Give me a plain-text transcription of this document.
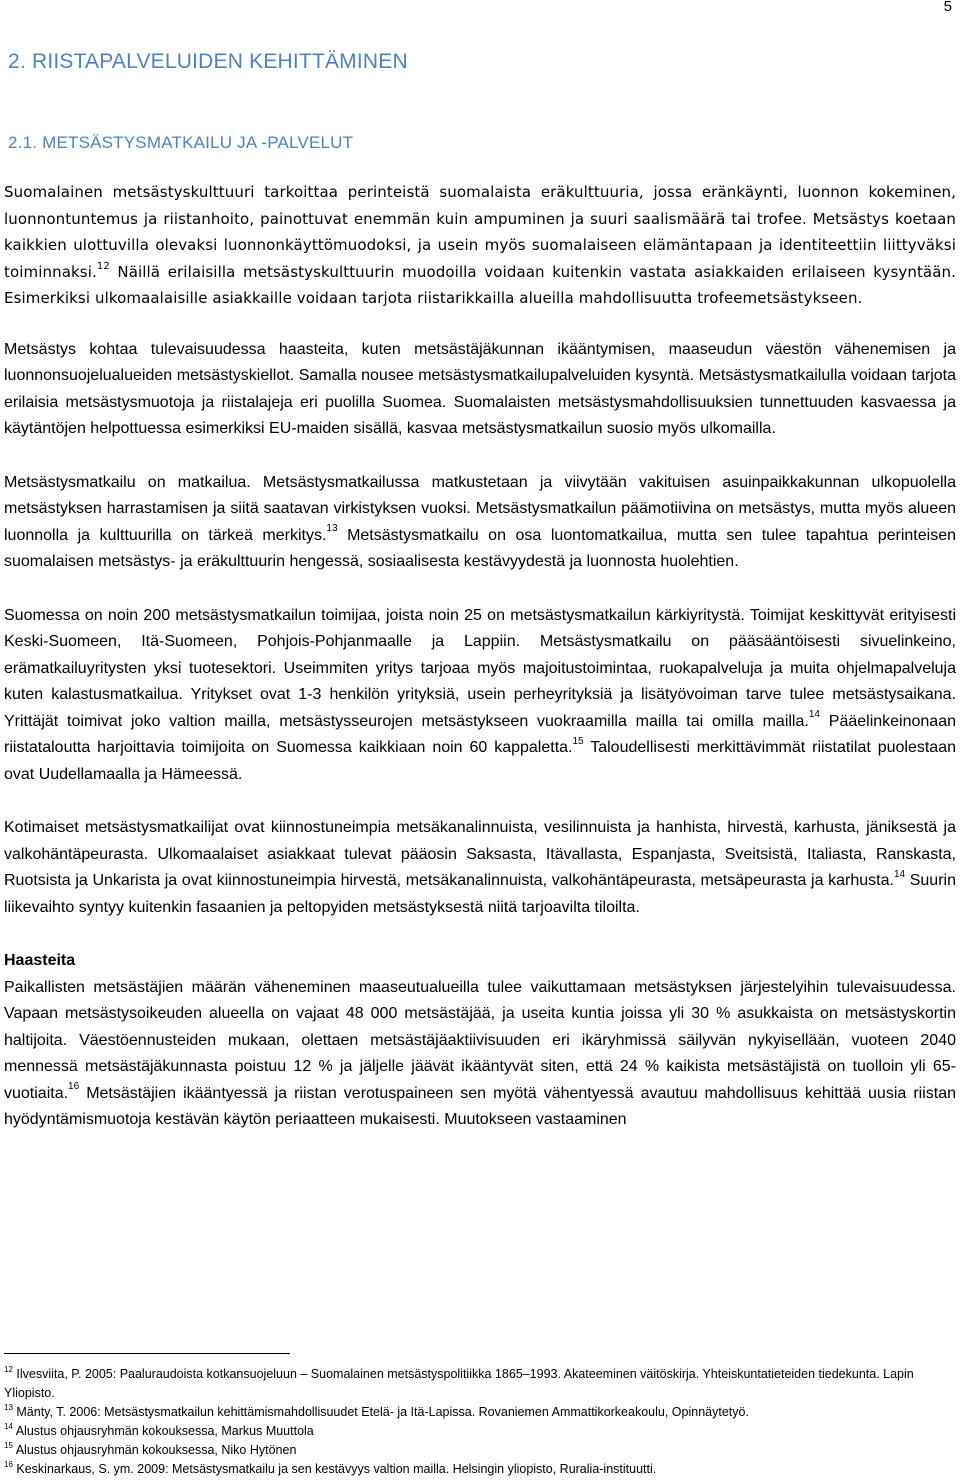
5
2. RIISTAPALVELUIDEN KEHITTÄMINEN
2.1. METSÄSTYSMATKAILU JA -PALVELUT

Suomalainen metsästyskulttuuri tarkoittaa perinteistä suomalaista eräkulttuuria, jossa eränkäynti, luonnon kokeminen, luonnontuntemus ja riistanhoito, painottuvat enemmän kuin ampuminen ja suuri saalismäärä tai trofee. Metsästys koetaan kaikkien ulottuvilla olevaksi luonnonkäyttömuodoksi, ja usein myös suomalaiseen elämäntapaan ja identiteettiin liittyväksi toiminnaksi.$^{12}$ Näillä erilaisilla metsästyskulttuurin muodoilla voidaan kuitenkin vastata asiakkaiden erilaiseen kysyntään. Esimerkiksi ulkomaalaisille asiakkaille voidaan tarjota riistarikkailla alueilla mahdollisuutta trofeemetsästykseen.

Metsästys kohtaa tulevaisuudessa haasteita, kuten metsästäjäkunnan ikääntymisen, maaseudun väestön vähenemisen ja luonnonsuojelualueiden metsästyskiellot. Samalla nousee metsästysmatkailupalveluiden kysyntä. Metsästysmatkailulla voidaan tarjota erilaisia metsästysmuotoja ja riistalajeja eri puolilla Suomea. Suomalaisten metsästysmahdollisuuksien tunnettuuden kasvaessa ja käytäntöjen helpottuessa esimerkiksi EU-maiden sisällä, kasvaa metsästysmatkailun suosio myös ulkomailla.

Metsästysmatkailu on matkailua. Metsästysmatkailussa matkustetaan ja viivytään vakituisen asuinpaikkakunnan ulkopuolella metsästyksen harrastamisen ja siitä saatavan virkistyksen vuoksi. Metsästysmatkailun päämotiivina on metsästys, mutta myös alueen luonnolla ja kulttuurilla on tärkeä merkitys.$^{13}$ Metsästysmatkailu on osa luontomatkailua, mutta sen tulee tapahtua perinteisen suomalaisen metsästys- ja eräkulttuurin hengessä, sosiaalisesta kestävyydestä ja luonnosta huolehtien.

Suomessa on noin 200 metsästysmatkailun toimijaa, joista noin 25 on metsästysmatkailun kärkiyritystä. Toimijat keskittyvät erityisesti Keski-Suomeen, Itä-Suomeen, Pohjois-Pohjanmaalle ja Lappiin. Metsästysmatkailu on pääsääntöisesti sivuelinkeino, erämatkailuyritysten yksi tuotesektori. Useimmiten yritys tarjoaa myös majoitustoimintaa, ruokapalveluja ja muita ohjelmapalveluja kuten kalastusmatkailua. Yritykset ovat 1-3 henkilön yrityksiä, usein perheyrityksiä ja lisätyövoiman tarve tulee metsästysaikana. Yrittäjät toimivat joko valtion mailla, metsästysseurojen metsästykseen vuokraamilla mailla tai omilla mailla.$^{14}$ Pääelinkeinonaan riistataloutta harjoittavia toimijoita on Suomessa kaikkiaan noin 60 kappaletta.$^{15}$ Taloudellisesti merkittävimmät riistatilat puolestaan ovat Uudellamaalla ja Hämeessä.

Kotimaiset metsästysmatkailijat ovat kiinnostuneimpia metsäkanalinnuista, vesilinnuista ja hanhista, hirvestä, karhusta, jäniksestä ja valkohäntäpeurasta. Ulkomaalaiset asiakkaat tulevat pääosin Saksasta, Itävallasta, Espanjasta, Sveitsistä, Italiasta, Ranskasta, Ruotsista ja Unkarista ja ovat kiinnostuneimpia hirvestä, metsäkanalinnuista, valkohäntäpeurasta, metsäpeurasta ja karhusta.$^{14}$ Suurin liikevaihto syntyy kuitenkin fasaanien ja peltopyiden metsästyksestä niitä tarjoavilta tiloilta.

Haasteita
Paikallisten metsästäjien määrän väheneminen maaseutualueilla tulee vaikuttamaan metsästyksen järjestelyihin tulevaisuudessa. Vapaan metsästysoikeuden alueella on vajaat 48 000 metsästäjää, ja useita kuntia joissa yli 30 % asukkaista on metsästyskortin haltijoita. Väestöennusteiden mukaan, olettaen metsästäjäaktiivisuuden eri ikäryhmissä säilyvän nykyisellään, vuoteen 2040 mennessä metsästäjäkunnasta poistuu 12 % ja jäljelle jäävät ikääntyvät siten, että 24 % kaikista metsästäjistä on tuolloin yli 65-vuotiaita.$^{16}$ Metsästäjien ikääntyessä ja riistan verotuspaineen sen myötä vähentyessä avautuu mahdollisuus kehittää uusia riistan hyödyntämismuotoja kestävän käytön periaatteen mukaisesti. Muutokseen vastaaminen

$^{12}$ Ilvesviita, P. 2005: Paaluraudoista kotkansuojeluun – Suomalainen metsästyspolitiikka 1865–1993. Akateeminen väitöskirja. Yhteiskuntatieteiden tiedekunta. Lapin Yliopisto.

$^{13}$ Mänty, T. 2006: Metsästysmatkailun kehittämismahdollisuudet Etelä- ja Itä-Lapissa. Rovaniemen Ammattikorkeakoulu, Opinnäytetyö.

$^{14}$ Alustus ohjausryhmän kokouksessa, Markus Muuttola

$^{15}$ Alustus ohjausryhmän kokouksessa, Niko Hytönen

$^{16}$ Keskinarkaus, S. ym. 2009: Metsästysmatkailu ja sen kestävyys valtion mailla. Helsingin yliopisto, Ruralia-instituutti.
